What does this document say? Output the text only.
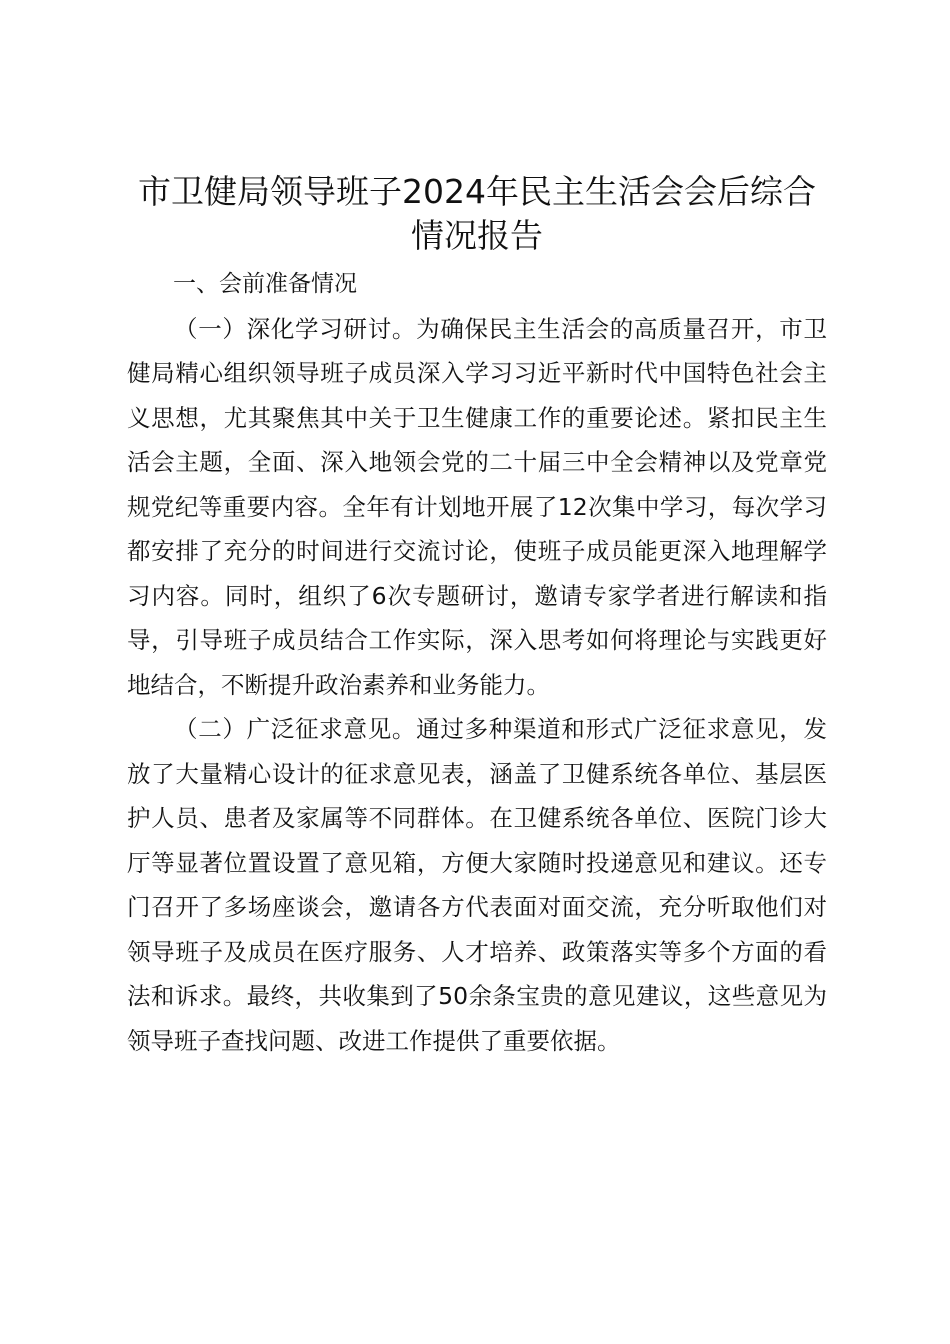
市卫健局领导班子2024年民主生活会会后综合情况报告

一、会前准备情况

（一）深化学习研讨。为确保民主生活会的高质量召开，市卫健局精心组织领导班子成员深入学习习近平新时代中国特色社会主义思想，尤其聚焦其中关于卫生健康工作的重要论述。紧扣民主生活会主题，全面、深入地领会党的二十届三中全会精神以及党章党规党纪等重要内容。全年有计划地开展了12次集中学习，每次学习都安排了充分的时间进行交流讨论，使班子成员能更深入地理解学习内容。同时，组织了6次专题研讨，邀请专家学者进行解读和指导，引导班子成员结合工作实际，深入思考如何将理论与实践更好地结合，不断提升政治素养和业务能力。

（二）广泛征求意见。通过多种渠道和形式广泛征求意见，发放了大量精心设计的征求意见表，涵盖了卫健系统各单位、基层医护人员、患者及家属等不同群体。在卫健系统各单位、医院门诊大厅等显著位置设置了意见箱，方便大家随时投递意见和建议。还专门召开了多场座谈会，邀请各方代表面对面交流，充分听取他们对领导班子及成员在医疗服务、人才培养、政策落实等多个方面的看法和诉求。最终，共收集到了50余条宝贵的意见建议，这些意见为领导班子查找问题、改进工作提供了重要依据。
